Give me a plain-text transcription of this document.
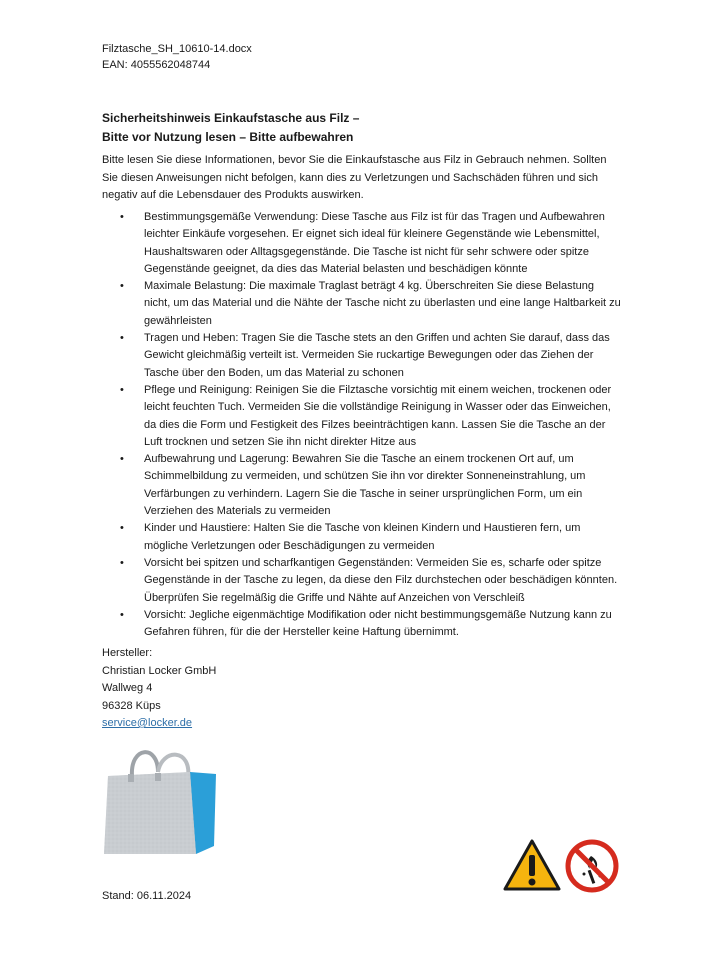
Filztasche_SH_10610-14.docx
EAN: 4055562048744
Sicherheitshinweis Einkaufstasche aus Filz –
Bitte vor Nutzung lesen – Bitte aufbewahren
Bitte lesen Sie diese Informationen, bevor Sie die Einkaufstasche aus Filz in Gebrauch nehmen. Sollten Sie diesen Anweisungen nicht befolgen, kann dies zu Verletzungen und Sachschäden führen und sich negativ auf die Lebensdauer des Produkts auswirken.
• Bestimmungsgemäße Verwendung: Diese Tasche aus Filz ist für das Tragen und Aufbewahren leichter Einkäufe vorgesehen. Er eignet sich ideal für kleinere Gegenstände wie Lebensmittel, Haushaltswaren oder Alltagsgegenstände. Die Tasche ist nicht für sehr schwere oder spitze Gegenstände geeignet, da dies das Material belasten und beschädigen könnte
• Maximale Belastung: Die maximale Traglast beträgt 4 kg. Überschreiten Sie diese Belastung nicht, um das Material und die Nähte der Tasche nicht zu überlasten und eine lange Haltbarkeit zu gewährleisten
• Tragen und Heben: Tragen Sie die Tasche stets an den Griffen und achten Sie darauf, dass das Gewicht gleichmäßig verteilt ist. Vermeiden Sie ruckartige Bewegungen oder das Ziehen der Tasche über den Boden, um das Material zu schonen
• Pflege und Reinigung: Reinigen Sie die Filztasche vorsichtig mit einem weichen, trockenen oder leicht feuchten Tuch. Vermeiden Sie die vollständige Reinigung in Wasser oder das Einweichen, da dies die Form und Festigkeit des Filzes beeinträchtigen kann. Lassen Sie die Tasche an der Luft trocknen und setzen Sie ihn nicht direkter Hitze aus
• Aufbewahrung und Lagerung: Bewahren Sie die Tasche an einem trockenen Ort auf, um Schimmelbildung zu vermeiden, und schützen Sie ihn vor direkter Sonneneinstrahlung, um Verfärbungen zu verhindern. Lagern Sie die Tasche in seiner ursprünglichen Form, um ein Verziehen des Materials zu vermeiden
• Kinder und Haustiere: Halten Sie die Tasche von kleinen Kindern und Haustieren fern, um mögliche Verletzungen oder Beschädigungen zu vermeiden
• Vorsicht bei spitzen und scharfkantigen Gegenständen: Vermeiden Sie es, scharfe oder spitze Gegenstände in der Tasche zu legen, da diese den Filz durchstechen oder beschädigen könnten. Überprüfen Sie regelmäßig die Griffe und Nähte auf Anzeichen von Verschleiß
• Vorsicht: Jegliche eigenmächtige Modifikation oder nicht bestimmungsgemäße Nutzung kann zu Gefahren führen, für die der Hersteller keine Haftung übernimmt.
Hersteller:
Christian Locker GmbH
Wallweg 4
96328 Küps
service@locker.de
Stand: 06.11.2024
